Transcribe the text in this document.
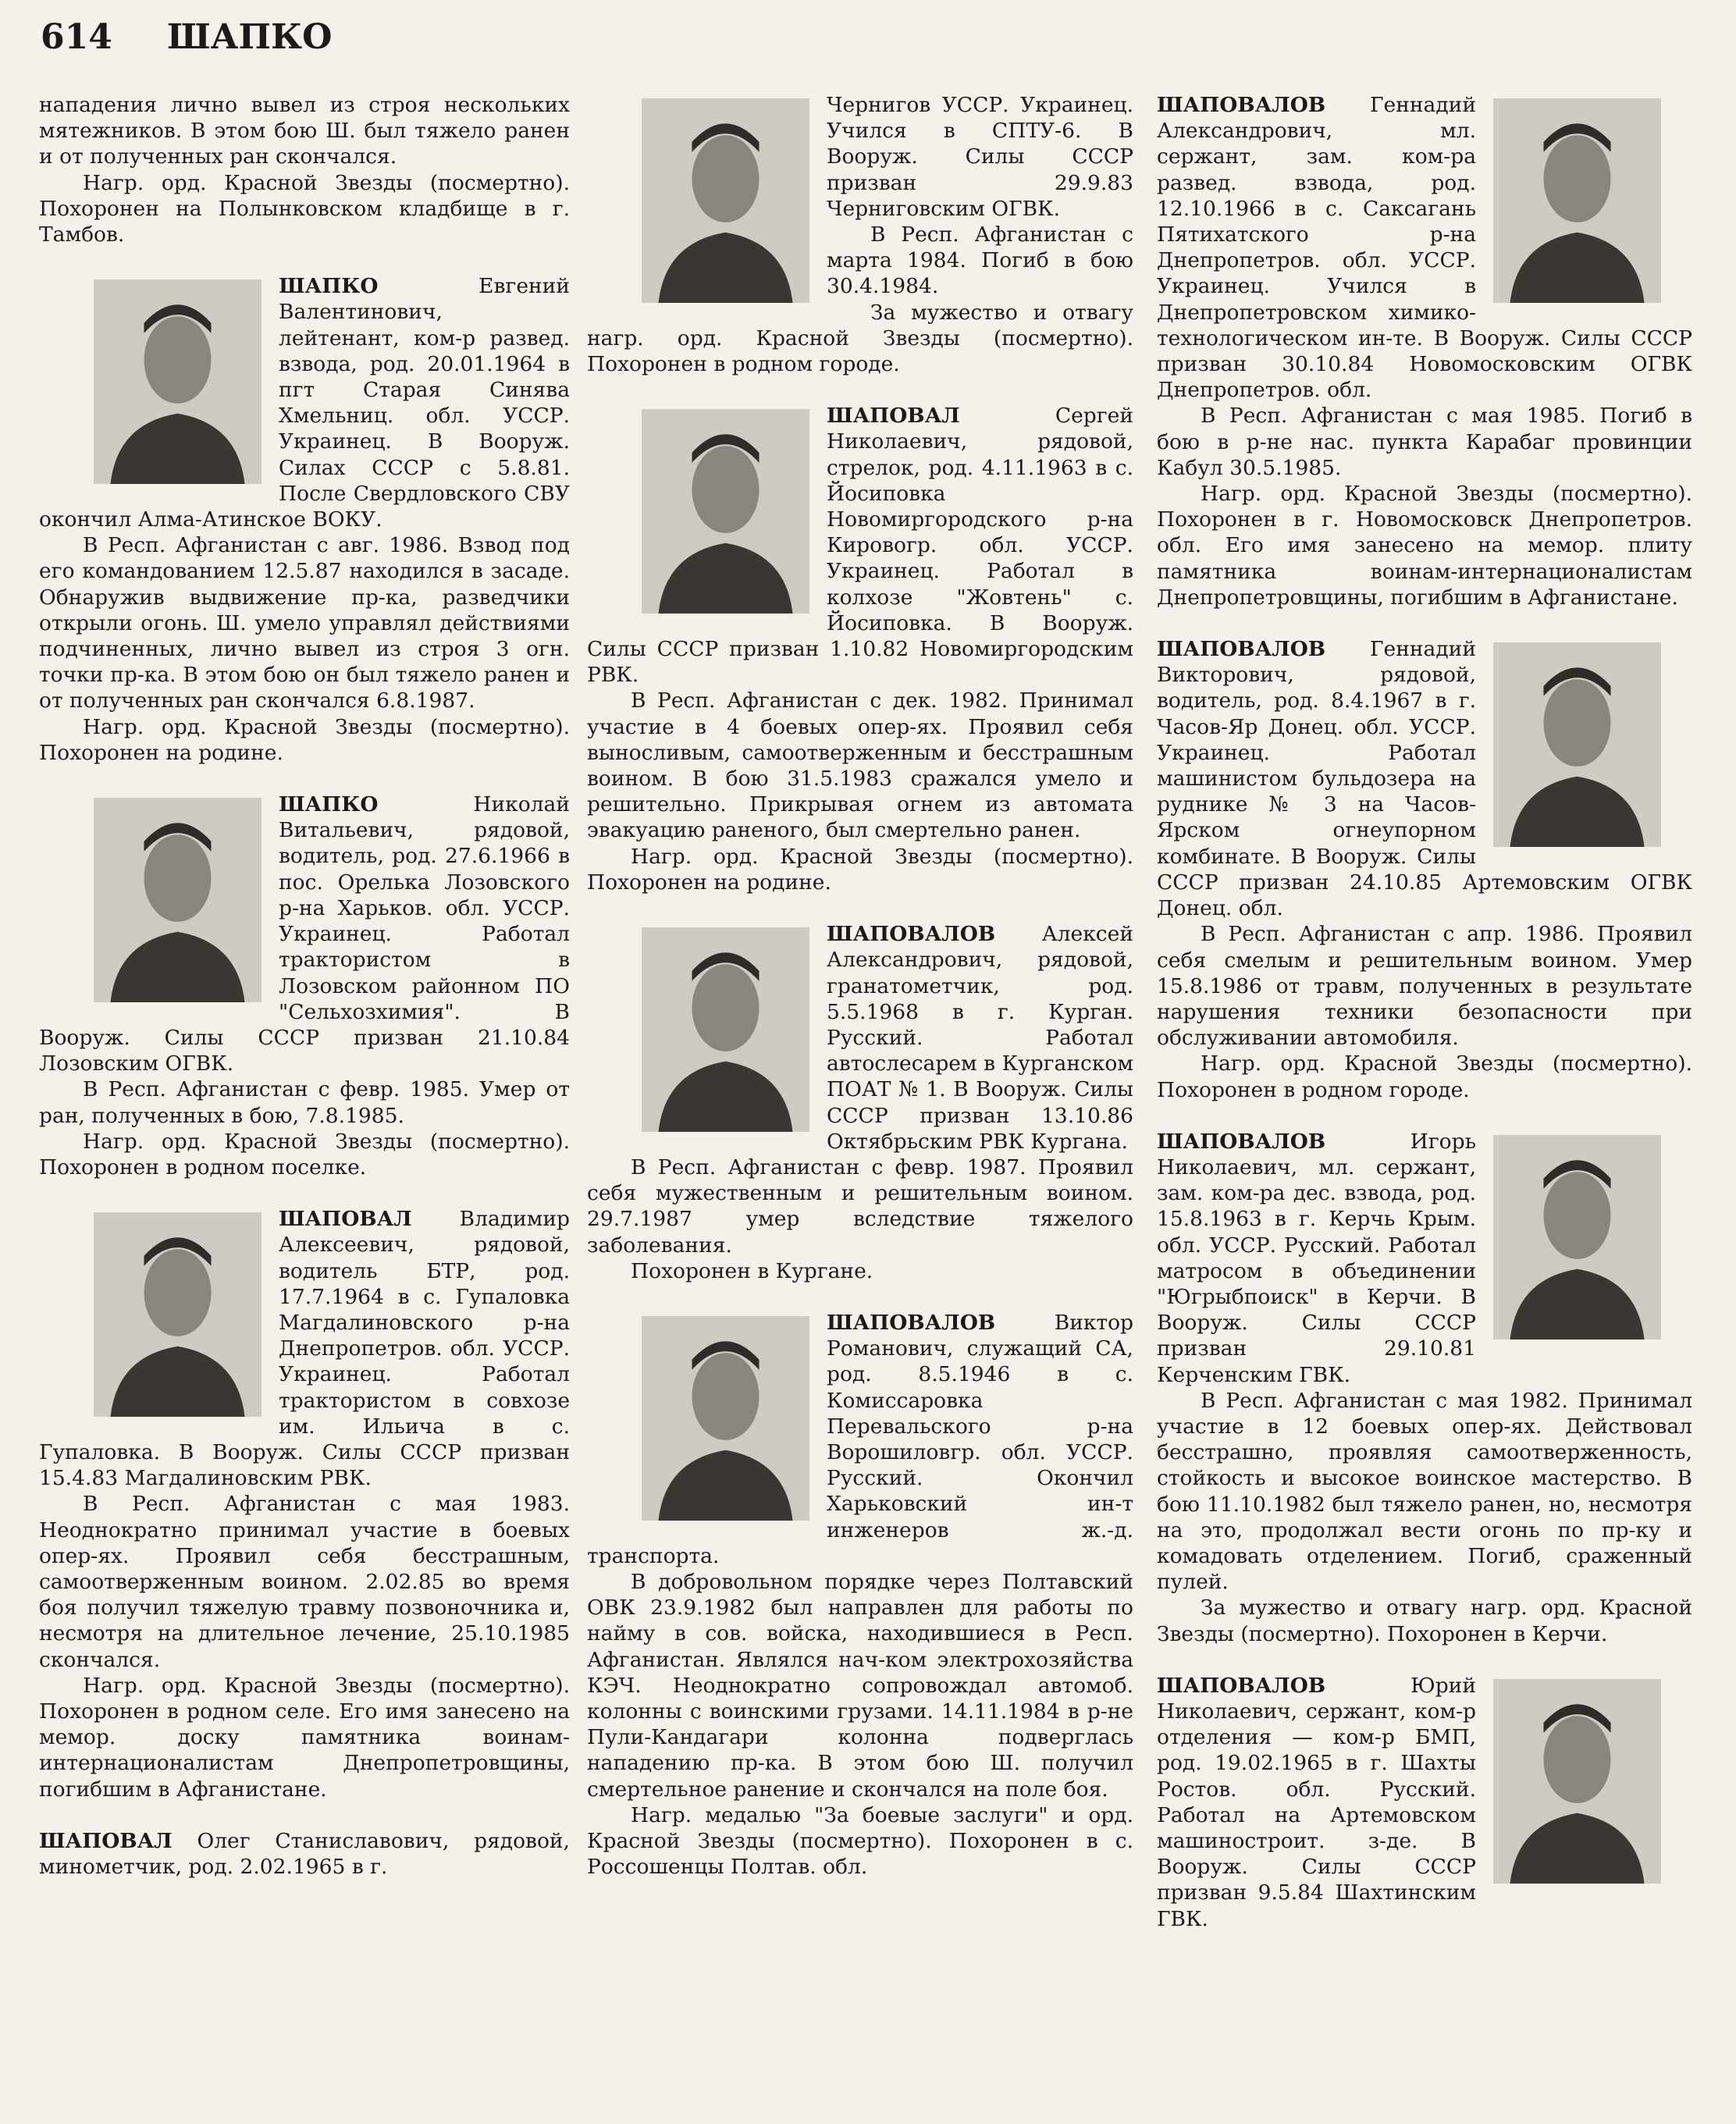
614 ШАПКО

нападения лично вывел из строя нескольких мятежников. В этом бою Ш. был тяжело ранен и от полученных ран скончался.

Нагр. орд. Красной Звезды (посмертно). Похоронен на Полынковском кладбище в г. Тамбов.

ШАПКО	Евгений Валентинович, лейтенант, ком-р развед. взвода, род. 20.01.1964 в пгт Старая Синява Хмельниц. обл. УССР. Украинец. В Вооруж. Силах СССР с 5.8.81. После Свердловского СВУ окончил Алма-Атинское ВОКУ.

В Респ. Афганистан с авг. 1986. Взвод под его командованием 12.5.87 находился в засаде. Обнаружив выдвижение пр-ка, разведчики открыли огонь. Ш. умело управлял действиями подчиненных, лично вывел из строя 3 огн. точки пр-ка. В этом бою он был тяжело ранен и от полученных ран скончался 6.8.1987.

Нагр. орд. Красной Звезды (посмертно). Похоронен на родине.

ШАПКО	Николай Витальевич, рядовой, водитель, род. 27.6.1966 в пос. Орелька Лозовского р-на Харьков. обл. УССР. Украинец. Работал трактористом в Лозовском районном ПО "Сельхозхимия". В Вооруж. Силы СССР призван 21.10.84 Лозовским ОГВК.

В Респ. Афганистан с февр. 1985. Умер от ран, полученных в бою, 7.8.1985.

Нагр. орд. Красной Звезды (посмертно). Похоронен в родном поселке.

ШАПОВАЛ Владимир Алексеевич, рядовой, водитель БТР, род. 17.7.1964 в с. Гупаловка Магдалиновского р-на Днепропетров. обл. УССР. Украинец. Работал трактористом в совхозе им. Ильича в с. Гупаловка. В Вооруж. Силы СССР призван 15.4.83 Магдалиновским РВК.

В Респ. Афганистан с мая 1983. Неоднократно принимал участие в боевых опер-ях. Проявил себя бесстрашным, самоотверженным воином. 2.02.85 во время боя получил тяжелую травму позвоночника и, несмотря на длительное лечение, 25.10.1985 скончался.

Нагр. орд. Красной Звезды (посмертно). Похоронен в родном селе. Его имя занесено на мемор. доску памятника воинам-интернационалистам Днепропетровщины, погибшим в Афганистане.

ШАПОВАЛ Олег Станиславович, рядовой, минометчик, род. 2.02.1965 в г.

Чернигов УССР. Украинец. Учился в СПТУ-6. В Вооруж. Силы СССР призван 29.9.83 Черниговским ОГВК.

В Респ. Афганистан с марта 1984. Погиб в бою 30.4.1984.

За мужество и отвагу нагр. орд. Красной Звезды (посмертно). Похоронен в родном городе.

ШАПОВАЛ	Сергей Николаевич, рядовой, стрелок, род. 4.11.1963 в с. Йосиповка Новомиргородского р-на Кировогр. обл. УССР. Украинец. Работал в колхозе "Жовтень" с. Йосиповка. В Вооруж. Силы СССР призван 1.10.82 Новомиргородским РВК.

В Респ. Афганистан с дек. 1982. Принимал участие в 4 боевых опер-ях. Проявил себя выносливым, самоотверженным и бесстрашным воином. В бою 31.5.1983 сражался умело и решительно. Прикрывая огнем из автомата эвакуацию раненого, был смертельно ранен.

Нагр. орд. Красной Звезды (посмертно). Похоронен на родине.

ШАПОВАЛОВ Алексей Александрович, рядовой, гранатометчик, род. 5.5.1968 в г. Курган. Русский. Работал автослесарем в Курганском ПОАТ № 1. В Вооруж. Силы СССР призван 13.10.86 Октябрьским РВК Кургана.

В Респ. Афганистан с февр. 1987. Проявил себя мужественным и решительным воином. 29.7.1987 умер вследствие тяжелого заболевания.

Похоронен в Кургане.

ШАПОВАЛОВ	Виктор Романович, служащий СА, род. 8.5.1946 в с. Комиссаровка Перевальского р-на Ворошиловгр. обл. УССР. Русский. Окончил Харьковский ин-т инженеров ж.-д. транспорта.

В добровольном порядке через Полтавский ОВК 23.9.1982 был направлен для работы по найму в сов. войска, находившиеся в Респ. Афганистан. Являлся нач-ком электрохозяйства КЭЧ. Неоднократно сопровождал автомоб. колонны с воинскими грузами. 14.11.1984 в р-не Пули-Кандагари колонна подверглась нападению пр-ка. В этом бою Ш. получил смертельное ранение и скончался на поле боя.

Нагр. медалью "За боевые заслуги" и орд. Красной Звезды (посмертно). Похоронен в с. Россошенцы Полтав. обл.

ШАПОВАЛОВ Геннадий Александрович, мл. сержант, зам. ком-ра развед. взвода, род. 12.10.1966 в с. Саксагань Пятихатского р-на Днепропетров. обл. УССР. Украинец. Учился в Днепропетровском химико-технологическом ин-те. В Вооруж. Силы СССР призван 30.10.84 Новомосковским ОГВК Днепропетров. обл.

В Респ. Афганистан с мая 1985. Погиб в бою в р-не нас. пункта Карабаг провинции Кабул 30.5.1985.

Нагр. орд. Красной Звезды (посмертно). Похоронен в г. Новомосковск Днепропетров. обл. Его имя занесено на мемор. плиту памятника воинам-интернационалистам Днепропетровщины, погибшим в Афганистане.

ШАПОВАЛОВ Геннадий Викторович, рядовой, водитель, род. 8.4.1967 в г. Часов-Яр Донец. обл. УССР. Украинец. Работал машинистом бульдозера на руднике № 3 на Часов-Ярском огнеупорном комбинате. В Вооруж. Силы СССР призван 24.10.85 Артемовским ОГВК Донец. обл.

В Респ. Афганистан с апр. 1986. Проявил себя смелым и решительным воином. Умер 15.8.1986 от травм, полученных в результате нарушения техники безопасности при обслуживании автомобиля.

Нагр. орд. Красной Звезды (посмертно). Похоронен в родном городе.

ШАПОВАЛОВ	Игорь Николаевич, мл. сержант, зам. ком-ра дес. взвода, род. 15.8.1963 в г. Керчь Крым. обл. УССР. Русский. Работал матросом в объединении "Югрыбпоиск" в Керчи. В Вооруж. Силы СССР призван 29.10.81 Керченским ГВК.

В Респ. Афганистан с мая 1982. Принимал участие в 12 боевых опер-ях. Действовал бесстрашно, проявляя самоотверженность, стойкость и высокое воинское мастерство. В бою 11.10.1982 был тяжело ранен, но, несмотря на это, продолжал вести огонь по пр-ку и комадовать отделением. Погиб, сраженный пулей.

За мужество и отвагу нагр. орд. Красной Звезды (посмертно). Похоронен в Керчи.

ШАПОВАЛОВ	Юрий Николаевич, сержант, ком-р отделения — ком-р БМП, род. 19.02.1965 в г. Шахты Ростов. обл. Русский. Работал на Артемовском машиностроит. з-де. В Вооруж. Силы СССР призван 9.5.84 Шахтинским ГВК.
